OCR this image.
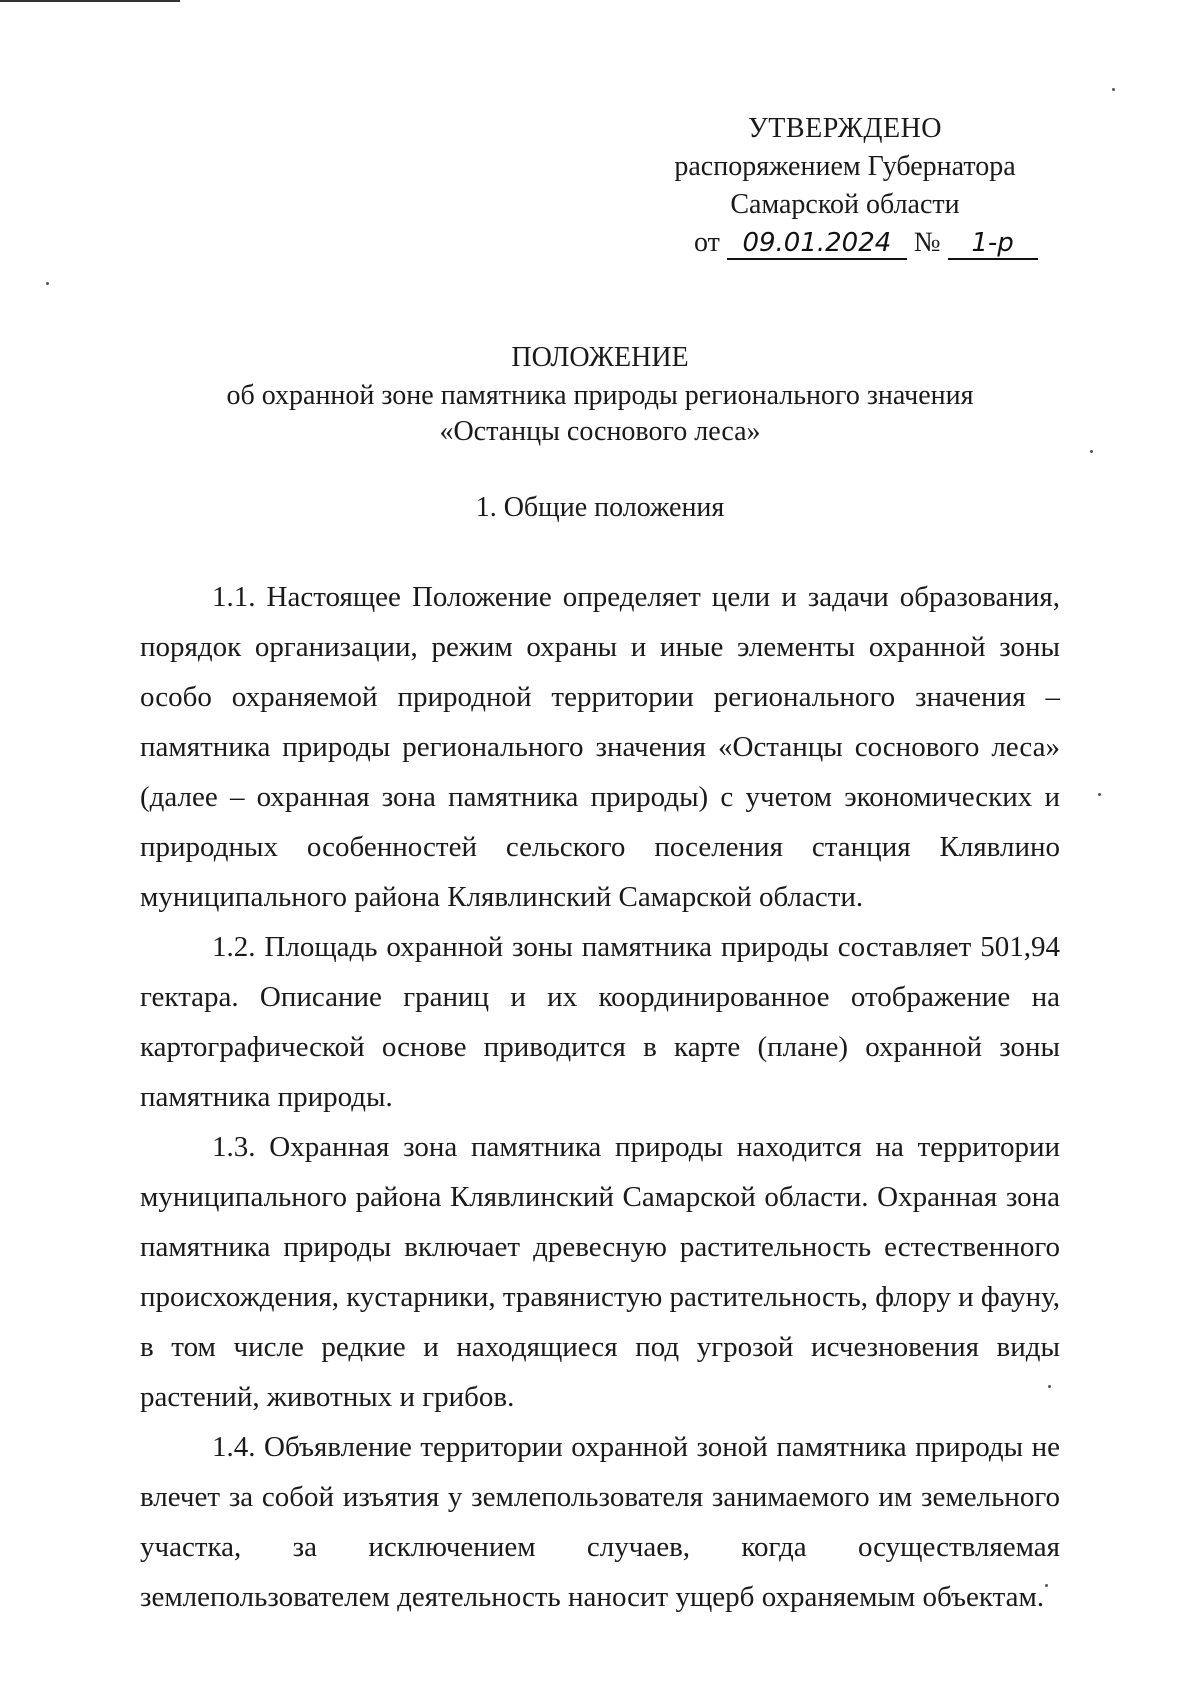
УТВЕРЖДЕНО
распоряжением Губернатора
Самарской области
от 09.01.2024 № 1-р
ПОЛОЖЕНИЕ
об охранной зоне памятника природы регионального значения
«Останцы соснового леса»
1. Общие положения

1.1. Настоящее Положение определяет цели и задачи образования, порядок организации, режим охраны и иные элементы охранной зоны особо охраняемой природной территории регионального значения – памятника природы регионального значения «Останцы соснового леса» (далее – охранная зона памятника природы) с учетом экономических и природных особенностей сельского поселения станция Клявлино муниципального района Клявлинский Самарской области.

1.2. Площадь охранной зоны памятника природы составляет 501,94 гектара. Описание границ и их координированное отображение на картографической основе приводится в карте (плане) охранной зоны памятника природы.

1.3. Охранная зона памятника природы находится на территории муниципального района Клявлинский Самарской области. Охранная зона памятника природы включает древесную растительность естественного происхождения, кустарники, травянистую растительность, флору и фауну, в том числе редкие и находящиеся под угрозой исчезновения виды растений, животных и грибов.

1.4. Объявление территории охранной зоной памятника природы не влечет за собой изъятия у землепользователя занимаемого им земельного участка, за исключением случаев, когда осуществляемая землепользователем деятельность наносит ущерб охраняемым объектам.
